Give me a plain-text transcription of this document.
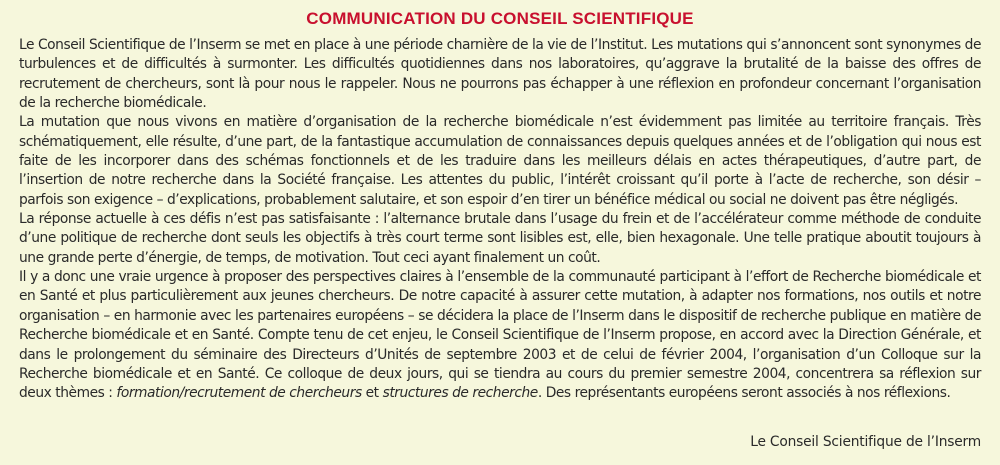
COMMUNICATION DU CONSEIL SCIENTIFIQUE

Le Conseil Scientifique de l’Inserm se met en place à une période charnière de la vie de l’Institut. Les mutations qui s’annoncent sont synonymes de turbulences et de difficultés à surmonter. Les difficultés quotidiennes dans nos laboratoires, qu’aggrave la brutalité de la baisse des offres de recrutement de chercheurs, sont là pour nous le rappeler. Nous ne pourrons pas échapper à une réflexion en profondeur concernant l’organisation de la recherche biomédicale.

La mutation que nous vivons en matière d’organisation de la recherche biomédicale n’est évidemment pas limitée au territoire français. Très schématiquement, elle résulte, d’une part, de la fantastique accumulation de connaissances depuis quelques années et de l’obligation qui nous est faite de les incorporer dans des schémas fonctionnels et de les traduire dans les meilleurs délais en actes thérapeutiques, d’autre part, de l’insertion de notre recherche dans la Société française. Les attentes du public, l’intérêt croissant qu’il porte à l’acte de recherche, son désir – parfois son exigence – d’explications, probablement salutaire, et son espoir d’en tirer un bénéfice médical ou social ne doivent pas être négligés.

La réponse actuelle à ces défis n’est pas satisfaisante : l’alternance brutale dans l’usage du frein et de l’accélérateur comme méthode de conduite d’une politique de recherche dont seuls les objectifs à très court terme sont lisibles est, elle, bien hexagonale. Une telle pratique aboutit toujours à une grande perte d’énergie, de temps, de motivation. Tout ceci ayant finalement un coût.

Il y a donc une vraie urgence à proposer des perspectives claires à l’ensemble de la communauté participant à l’effort de Recherche biomédicale et en Santé et plus particulièrement aux jeunes chercheurs. De notre capacité à assurer cette mutation, à adapter nos formations, nos outils et notre organisation – en harmonie avec les partenaires européens – se décidera la place de l’Inserm dans le dispositif de recherche publique en matière de Recherche biomédicale et en Santé. Compte tenu de cet enjeu, le Conseil Scientifique de l’Inserm propose, en accord avec la Direction Générale, et dans le prolongement du séminaire des Directeurs d’Unités de septembre 2003 et de celui de février 2004, l’organisation d’un Colloque sur la Recherche biomédicale et en Santé. Ce colloque de deux jours, qui se tiendra au cours du premier semestre 2004, concentrera sa réflexion sur deux thèmes : formation/recrutement de chercheurs et structures de recherche. Des représentants européens seront associés à nos réflexions.

Le Conseil Scientifique de l’Inserm
